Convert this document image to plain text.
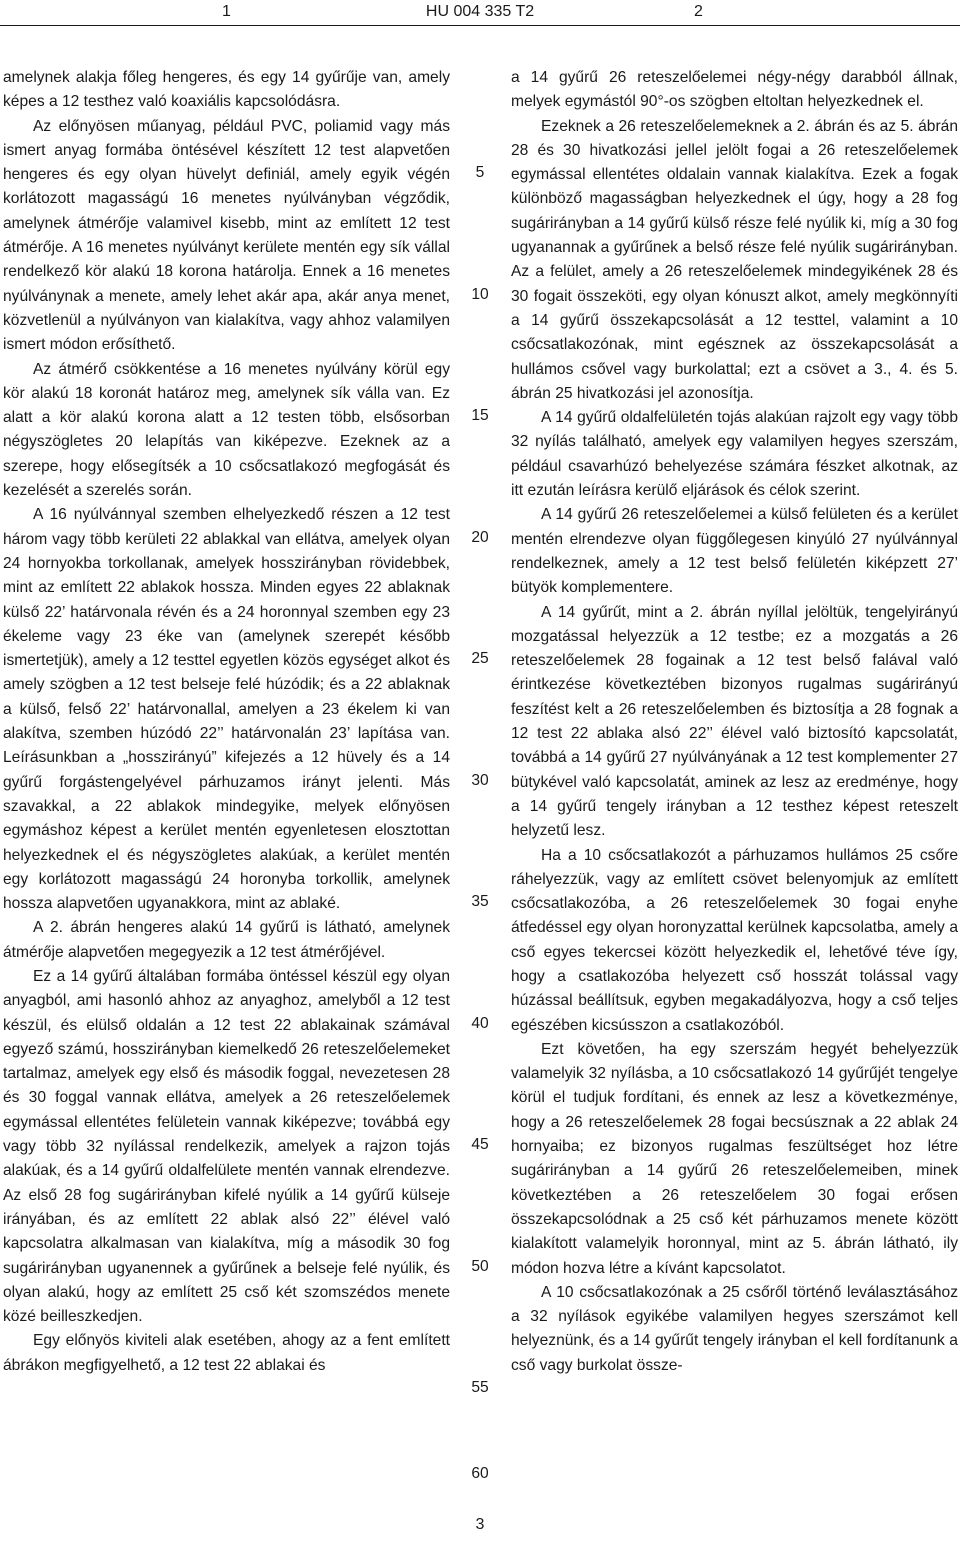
1	HU 004 335 T2	2

amelynek alakja főleg hengeres, és egy 14 gyűrűje van, amely képes a 12 testhez való koaxiális kapcsolódásra.

Az előnyösen műanyag, például PVC, poliamid vagy más ismert anyag formába öntésével készített 12 test alapvetően hengeres és egy olyan hüvelyt definiál, amely egyik végén korlátozott magasságú 16 menetes nyúlványban végződik, amelynek átmérője valamivel kisebb, mint az említett 12 test átmérője. A 16 menetes nyúlványt kerülete mentén egy sík vállal rendelkező kör alakú 18 korona határolja. Ennek a 16 menetes nyúlványnak a menete, amely lehet akár apa, akár anya menet, közvetlenül a nyúlványon van kialakítva, vagy ahhoz valamilyen ismert módon erősíthető.

Az átmérő csökkentése a 16 menetes nyúlvány körül egy kör alakú 18 koronát határoz meg, amelynek sík válla van. Ez alatt a kör alakú korona alatt a 12 testen több, elsősorban négyszögletes 20 lelapítás van kiképezve. Ezeknek az a szerepe, hogy elősegítsék a 10 csőcsatlakozó megfogását és kezelését a szerelés során.

A 16 nyúlvánnyal szemben elhelyezkedő részen a 12 test három vagy több kerületi 22 ablakkal van ellátva, amelyek olyan 24 hornyokba torkollanak, amelyek hosszirányban rövidebbek, mint az említett 22 ablakok hossza. Minden egyes 22 ablaknak külső 22’ határvonala révén és a 24 horonnyal szemben egy 23 ékeleme vagy 23 éke van (amelynek szerepét később ismertetjük), amely a 12 testtel egyetlen közös egységet alkot és amely szögben a 12 test belseje felé húzódik; és a 22 ablaknak a külső, felső 22’ határvonallal, amelyen a 23 ékelem ki van alakítva, szemben húzódó 22’’ határvonalán 23’ lapítása van. Leírásunkban a „hosszirányú” kifejezés a 12 hüvely és a 14 gyűrű forgástengelyével párhuzamos irányt jelenti. Más szavakkal, a 22 ablakok mindegyike, melyek előnyösen egymáshoz képest a kerület mentén egyenletesen elosztottan helyezkednek el és négyszögletes alakúak, a kerület mentén egy korlátozott magasságú 24 horonyba torkollik, amelynek hossza alapvetően ugyanakkora, mint az ablaké.

A 2. ábrán hengeres alakú 14 gyűrű is látható, amelynek átmérője alapvetően megegyezik a 12 test átmérőjével.

Ez a 14 gyűrű általában formába öntéssel készül egy olyan anyagból, ami hasonló ahhoz az anyaghoz, amelyből a 12 test készül, és elülső oldalán a 12 test 22 ablakainak számával egyező számú, hosszirányban kiemelkedő 26 reteszelőelemeket tartalmaz, amelyek egy első és második foggal, nevezetesen 28 és 30 foggal vannak ellátva, amelyek a 26 reteszelőelemek egymással ellentétes felületein vannak kiképezve; továbbá egy vagy több 32 nyílással rendelkezik, amelyek a rajzon tojás alakúak, és a 14 gyűrű oldalfelülete mentén vannak elrendezve. Az első 28 fog sugárirányban kifelé nyúlik a 14 gyűrű külseje irányában, és az említett 22 ablak alsó 22’’ élével való kapcsolatra alkalmasan van kialakítva, míg a második 30 fog sugárirányban ugyanennek a gyűrűnek a belseje felé nyúlik, és olyan alakú, hogy az említett 25 cső két szomszédos menete közé beilleszkedjen.

Egy előnyös kiviteli alak esetében, ahogy az a fent említett ábrákon megfigyelhető, a 12 test 22 ablakai és

a 14 gyűrű 26 reteszelőelemei négy-négy darabból állnak, melyek egymástól 90°-os szögben eltoltan helyezkednek el.

Ezeknek a 26 reteszelőelemeknek a 2. ábrán és az 5. ábrán 28 és 30 hivatkozási jellel jelölt fogai a 26 reteszelőelemek egymással ellentétes oldalain vannak kialakítva. Ezek a fogak különböző magasságban helyezkednek el úgy, hogy a 28 fog sugárirányban a 14 gyűrű külső része felé nyúlik ki, míg a 30 fog ugyanannak a gyűrűnek a belső része felé nyúlik sugárirányban. Az a felület, amely a 26 reteszelőelemek mindegyikének 28 és 30 fogait összeköti, egy olyan kónuszt alkot, amely megkönnyíti a 14 gyűrű összekapcsolását a 12 testtel, valamint a 10 csőcsatlakozónak, mint egésznek az összekapcsolását a hullámos csővel vagy burkolattal; ezt a csövet a 3., 4. és 5. ábrán 25 hivatkozási jel azonosítja.

A 14 gyűrű oldalfelületén tojás alakúan rajzolt egy vagy több 32 nyílás található, amelyek egy valamilyen hegyes szerszám, például csavarhúzó behelyezése számára fészket alkotnak, az itt ezután leírásra kerülő eljárások és célok szerint.

A 14 gyűrű 26 reteszelőelemei a külső felületen és a kerület mentén elrendezve olyan függőlegesen kinyúló 27 nyúlvánnyal rendelkeznek, amely a 12 test belső felületén kiképzett 27’ bütyök komplementere.

A 14 gyűrűt, mint a 2. ábrán nyíllal jelöltük, tengelyirányú mozgatással helyezzük a 12 testbe; ez a mozgatás a 26 reteszelőelemek 28 fogainak a 12 test belső falával való érintkezése következtében bizonyos rugalmas sugárirányú feszítést kelt a 26 reteszelőelemben és biztosítja a 28 fognak a 12 test 22 ablaka alsó 22’’ élével való biztosító kapcsolatát, továbbá a 14 gyűrű 27 nyúlványának a 12 test komplementer 27 bütykével való kapcsolatát, aminek az lesz az eredménye, hogy a 14 gyűrű tengely irányban a 12 testhez képest reteszelt helyzetű lesz.

Ha a 10 csőcsatlakozót a párhuzamos hullámos 25 csőre ráhelyezzük, vagy az említett csövet belenyomjuk az említett csőcsatlakozóba, a 26 reteszelőelemek 30 fogai enyhe átfedéssel egy olyan horonyzattal kerülnek kapcsolatba, amely a cső egyes tekercsei között helyezkedik el, lehetővé téve így, hogy a csatlakozóba helyezett cső hosszát tolással vagy húzással beállítsuk, egyben megakadályozva, hogy a cső teljes egészében kicsússzon a csatlakozóból.

Ezt követően, ha egy szerszám hegyét behelyezzük valamelyik 32 nyílásba, a 10 csőcsatlakozó 14 gyűrűjét tengelye körül el tudjuk fordítani, és ennek az lesz a következménye, hogy a 26 reteszelőelemek 28 fogai becsúsznak a 22 ablak 24 hornyaiba; ez bizonyos rugalmas feszültséget hoz létre sugárirányban a 14 gyűrű 26 reteszelőelemeiben, minek következtében a 26 reteszelőelem 30 fogai erősen összekapcsolódnak a 25 cső két párhuzamos menete között kialakított valamelyik horonnyal, mint az 5. ábrán látható, ily módon hozva létre a kívánt kapcsolatot.

A 10 csőcsatlakozónak a 25 csőről történő leválasztásához a 32 nyílások egyikébe valamilyen hegyes szerszámot kell helyeznünk, és a 14 gyűrűt tengely irányban el kell fordítanunk a cső vagy burkolat össze-

5
10
15
20
25
30
35
40
45
50
55
60
3
